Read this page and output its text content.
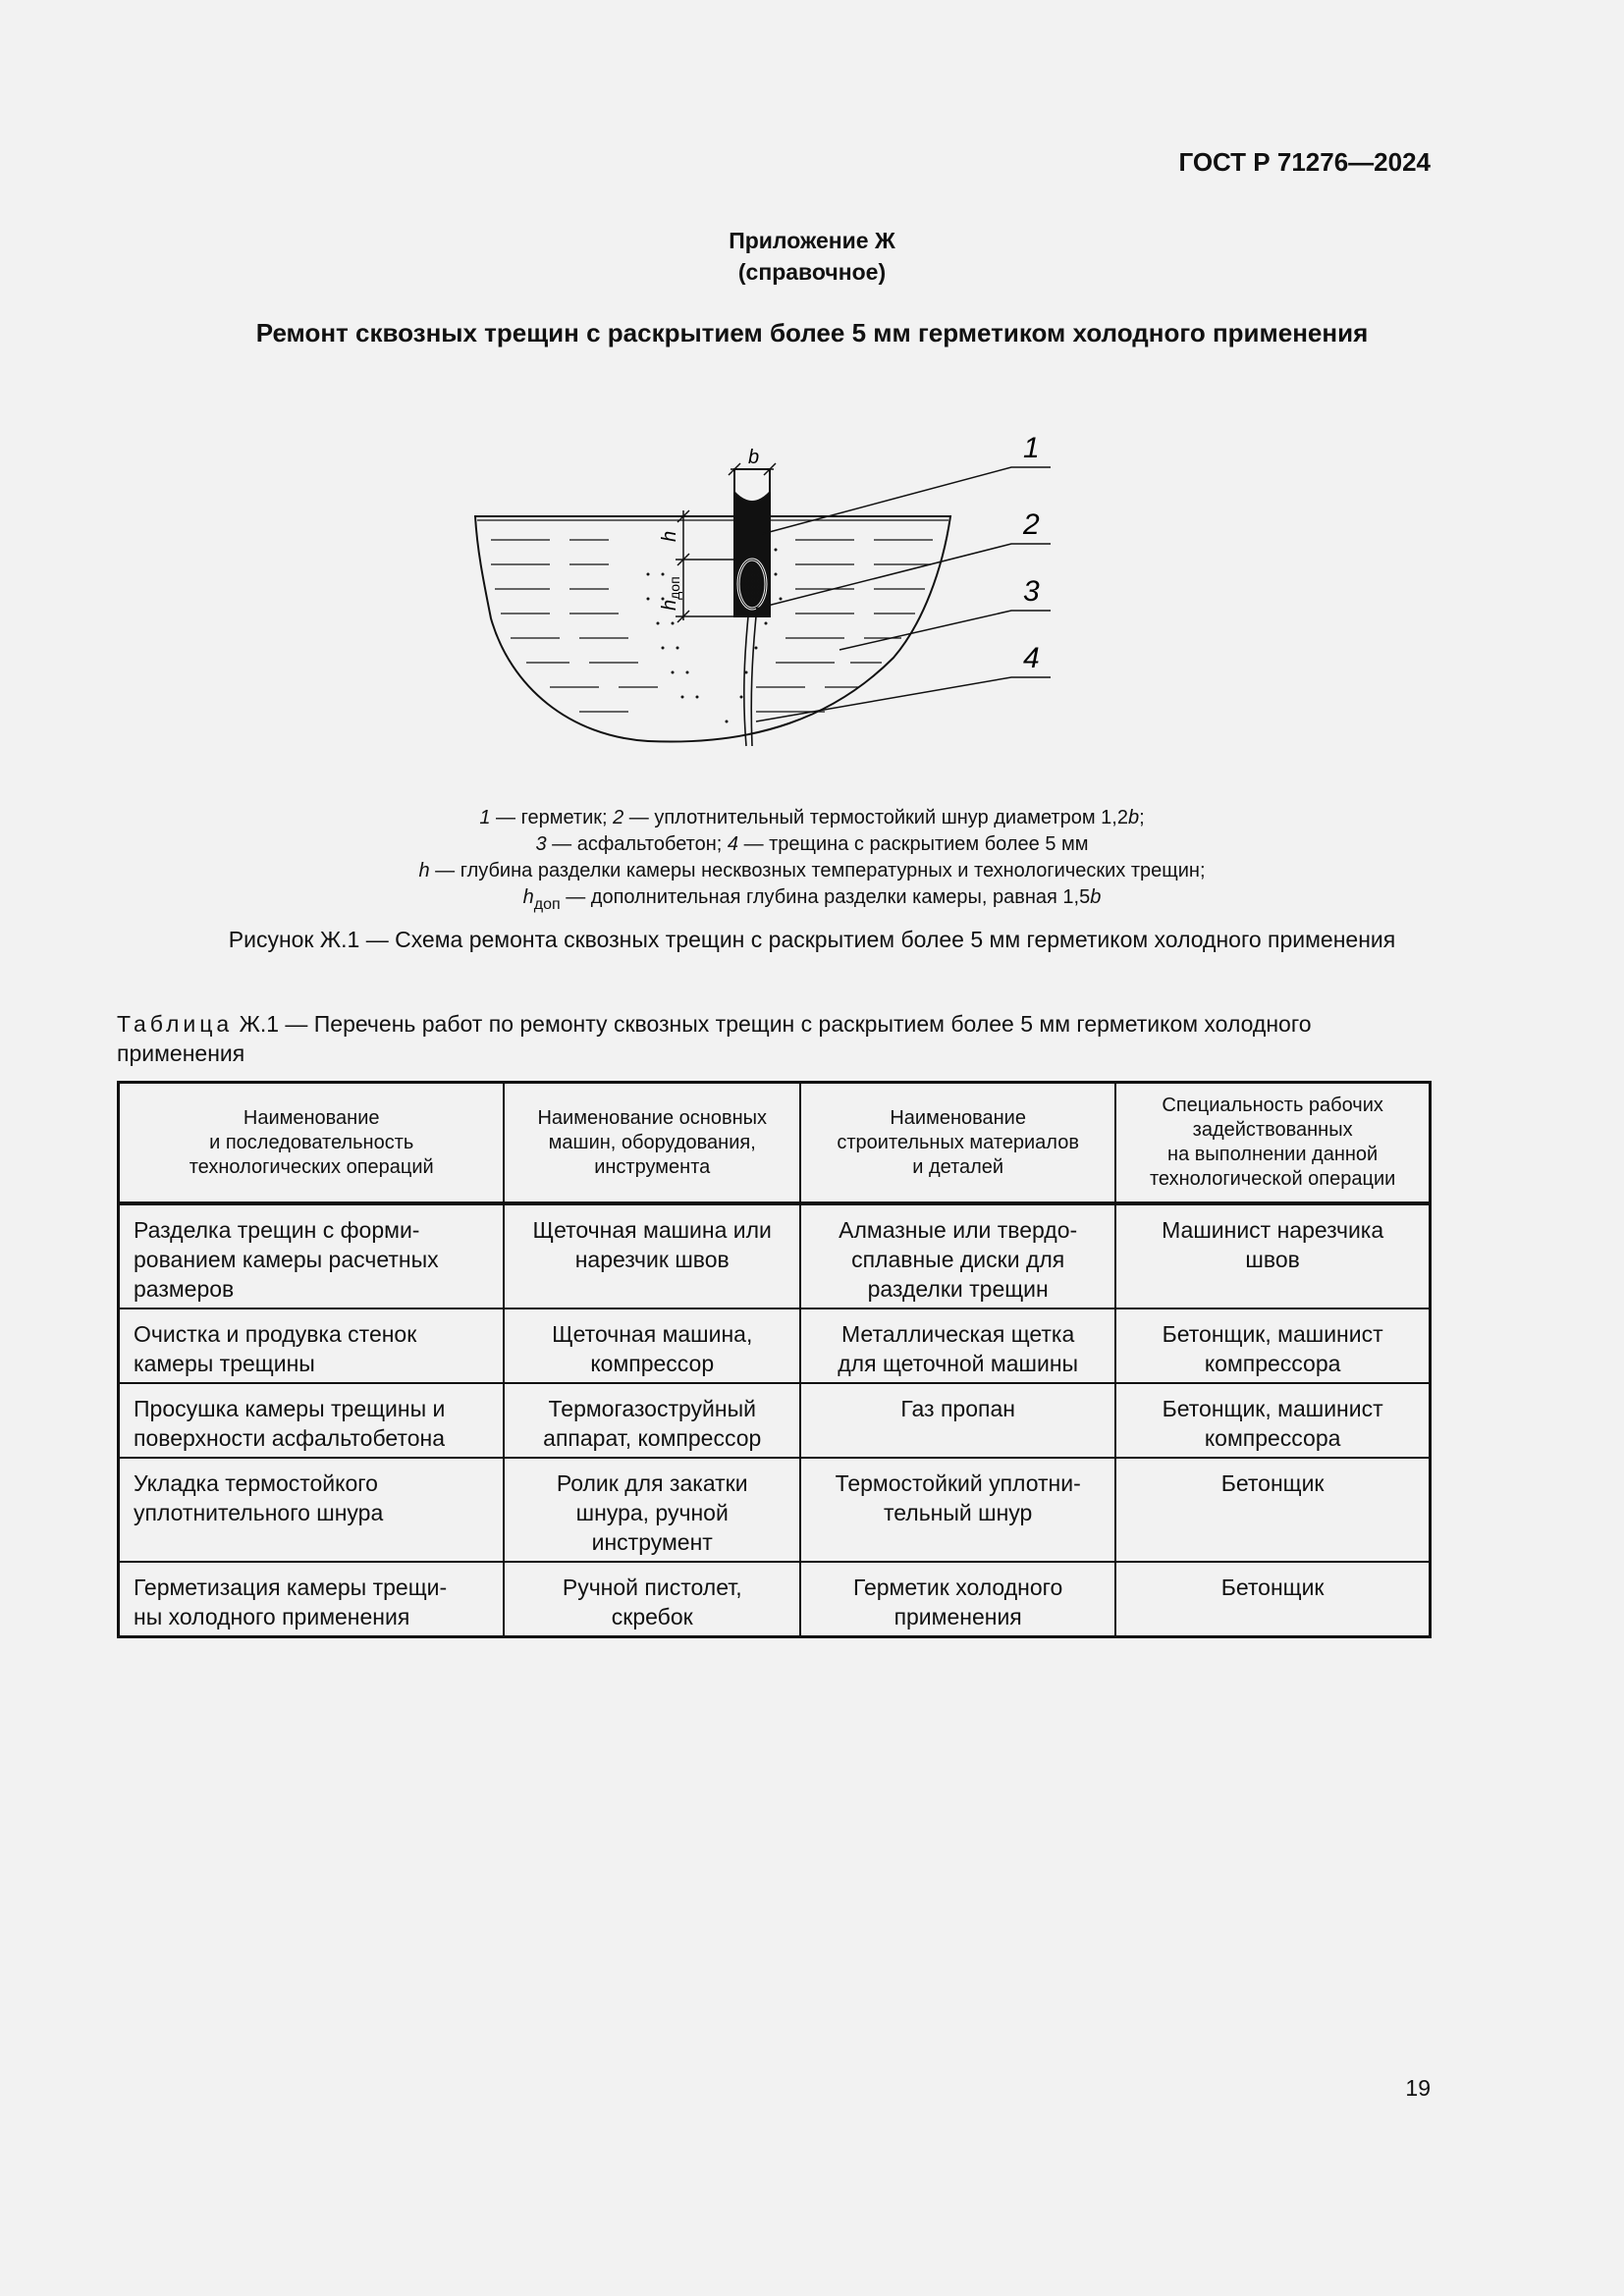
ГОСТ Р 71276—2024
Приложение Ж
(справочное)
Ремонт сквозных трещин с раскрытием более 5 мм герметиком холодного применения
b
h
$h_{доп}$
1
2
3
4
1 — герметик; 2 — уплотнительный термостойкий шнур диаметром 1,2b;
3 — асфальтобетон; 4 — трещина с раскрытием более 5 мм
h — глубина разделки камеры несквозных температурных и технологических трещин;
$h_{доп}$ — дополнительная глубина разделки камеры, равная 1,5b
Рисунок Ж.1 — Схема ремонта сквозных трещин с раскрытием более 5 мм герметиком холодного применения
Таблица Ж.1 — Перечень работ по ремонту сквозных трещин с раскрытием более 5 мм герметиком холодного применения
Наименование
и последовательность
технологических операций	Наименование основных
машин, оборудования,
инструмента	Наименование
строительных материалов
и деталей	Специальность рабочих
задействованных
на выполнении данной
технологической операции
Разделка трещин с форми-
рованием камеры расчетных
размеров	Щеточная машина или
нарезчик швов	Алмазные или твердо-
сплавные диски для
разделки трещин	Машинист нарезчика
швов
Очистка и продувка стенок
камеры трещины	Щеточная машина,
компрессор	Металлическая щетка
для щеточной машины	Бетонщик, машинист
компрессора
Просушка камеры трещины и
поверхности асфальтобетона	Термогазоструйный
аппарат, компрессор	Газ пропан	Бетонщик, машинист
компрессора
Укладка термостойкого
уплотнительного шнура	Ролик для закатки
шнура, ручной
инструмент	Термостойкий уплотни-
тельный шнур	Бетонщик
Герметизация камеры трещи-
ны холодного применения	Ручной пистолет,
скребок	Герметик холодного
применения	Бетонщик
19
